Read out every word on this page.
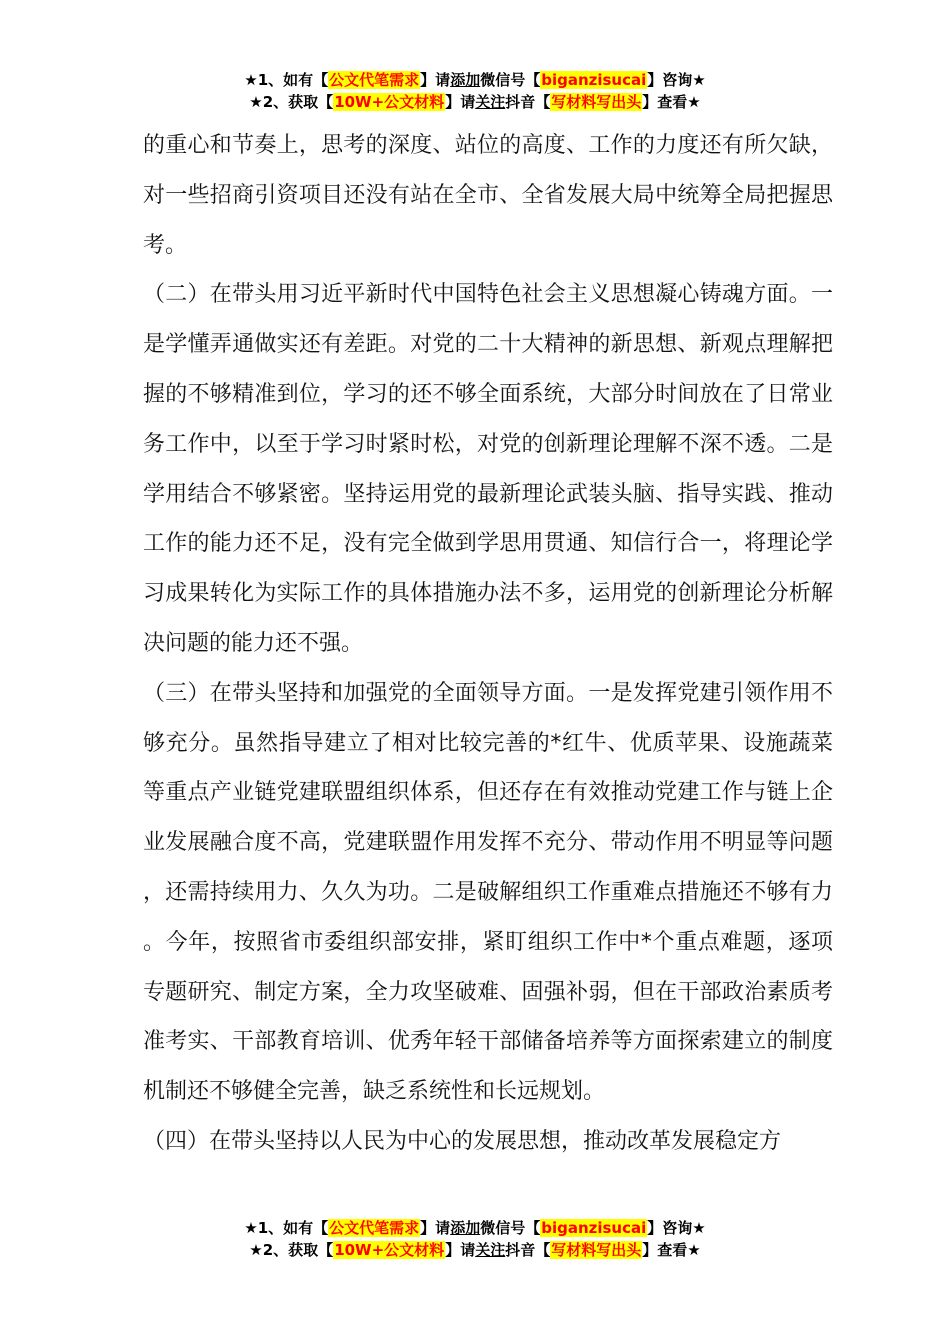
★1、如有【公文代笔需求】请添加微信号【biganzisucai】咨询★
★2、获取【10W+公文材料】请关注抖音【写材料写出头】查看★

的重心和节奏上，思考的深度、站位的高度、工作的力度还有所欠缺，对一些招商引资项目还没有站在全市、全省发展大局中统筹全局把握思考。

（二）在带头用习近平新时代中国特色社会主义思想凝心铸魂方面。一是学懂弄通做实还有差距。对党的二十大精神的新思想、新观点理解把握的不够精准到位，学习的还不够全面系统，大部分时间放在了日常业务工作中，以至于学习时紧时松，对党的创新理论理解不深不透。二是学用结合不够紧密。坚持运用党的最新理论武装头脑、指导实践、推动工作的能力还不足，没有完全做到学思用贯通、知信行合一，将理论学习成果转化为实际工作的具体措施办法不多，运用党的创新理论分析解决问题的能力还不强。

（三）在带头坚持和加强党的全面领导方面。一是发挥党建引领作用不够充分。虽然指导建立了相对比较完善的*红牛、优质苹果、设施蔬菜等重点产业链党建联盟组织体系，但还存在有效推动党建工作与链上企业发展融合度不高，党建联盟作用发挥不充分、带动作用不明显等问题，还需持续用力、久久为功。二是破解组织工作重难点措施还不够有力。今年，按照省市委组织部安排，紧盯组织工作中*个重点难题，逐项专题研究、制定方案，全力攻坚破难、固强补弱，但在干部政治素质考准考实、干部教育培训、优秀年轻干部储备培养等方面探索建立的制度机制还不够健全完善，缺乏系统性和长远规划。

（四）在带头坚持以人民为中心的发展思想，推动改革发展稳定方

★1、如有【公文代笔需求】请添加微信号【biganzisucai】咨询★
★2、获取【10W+公文材料】请关注抖音【写材料写出头】查看★
